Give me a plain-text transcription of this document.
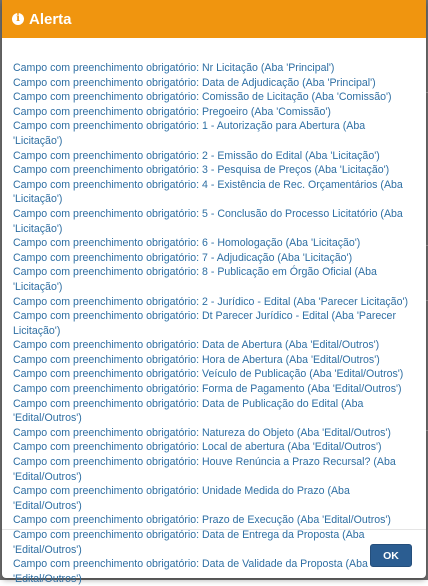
i Alerta

Campo com preenchimento obrigatório: Nr Licitação (Aba 'Principal')

Campo com preenchimento obrigatório: Data de Adjudicação (Aba 'Principal')

Campo com preenchimento obrigatório: Comissão de Licitação (Aba 'Comissão')

Campo com preenchimento obrigatório: Pregoeiro (Aba 'Comissão')

Campo com preenchimento obrigatório: 1 - Autorização para Abertura (Aba 'Licitação')

Campo com preenchimento obrigatório: 2 - Emissão do Edital (Aba 'Licitação')

Campo com preenchimento obrigatório: 3 - Pesquisa de Preços (Aba 'Licitação')

Campo com preenchimento obrigatório: 4 - Existência de Rec. Orçamentários (Aba 'Licitação')

Campo com preenchimento obrigatório: 5 - Conclusão do Processo Licitatório (Aba 'Licitação')

Campo com preenchimento obrigatório: 6 - Homologação (Aba 'Licitação')

Campo com preenchimento obrigatório: 7 - Adjudicação (Aba 'Licitação')

Campo com preenchimento obrigatório: 8 - Publicação em Órgão Oficial (Aba 'Licitação')

Campo com preenchimento obrigatório: 2 - Jurídico - Edital (Aba 'Parecer Licitação')

Campo com preenchimento obrigatório: Dt Parecer Jurídico - Edital (Aba 'Parecer Licitação')

Campo com preenchimento obrigatório: Data de Abertura (Aba 'Edital/Outros')

Campo com preenchimento obrigatório: Hora de Abertura (Aba 'Edital/Outros')

Campo com preenchimento obrigatório: Veículo de Publicação (Aba 'Edital/Outros')

Campo com preenchimento obrigatório: Forma de Pagamento (Aba 'Edital/Outros')

Campo com preenchimento obrigatório: Data de Publicação do Edital (Aba 'Edital/Outros')

Campo com preenchimento obrigatório: Natureza do Objeto (Aba 'Edital/Outros')

Campo com preenchimento obrigatório: Local de abertura (Aba 'Edital/Outros')

Campo com preenchimento obrigatório: Houve Renúncia a Prazo Recursal? (Aba 'Edital/Outros')

Campo com preenchimento obrigatório: Unidade Medida do Prazo (Aba 'Edital/Outros')

Campo com preenchimento obrigatório: Prazo de Execução (Aba 'Edital/Outros')

Campo com preenchimento obrigatório: Data de Entrega da Proposta (Aba 'Edital/Outros')

Campo com preenchimento obrigatório: Data de Validade da Proposta (Aba 'Edital/Outros')

OK
